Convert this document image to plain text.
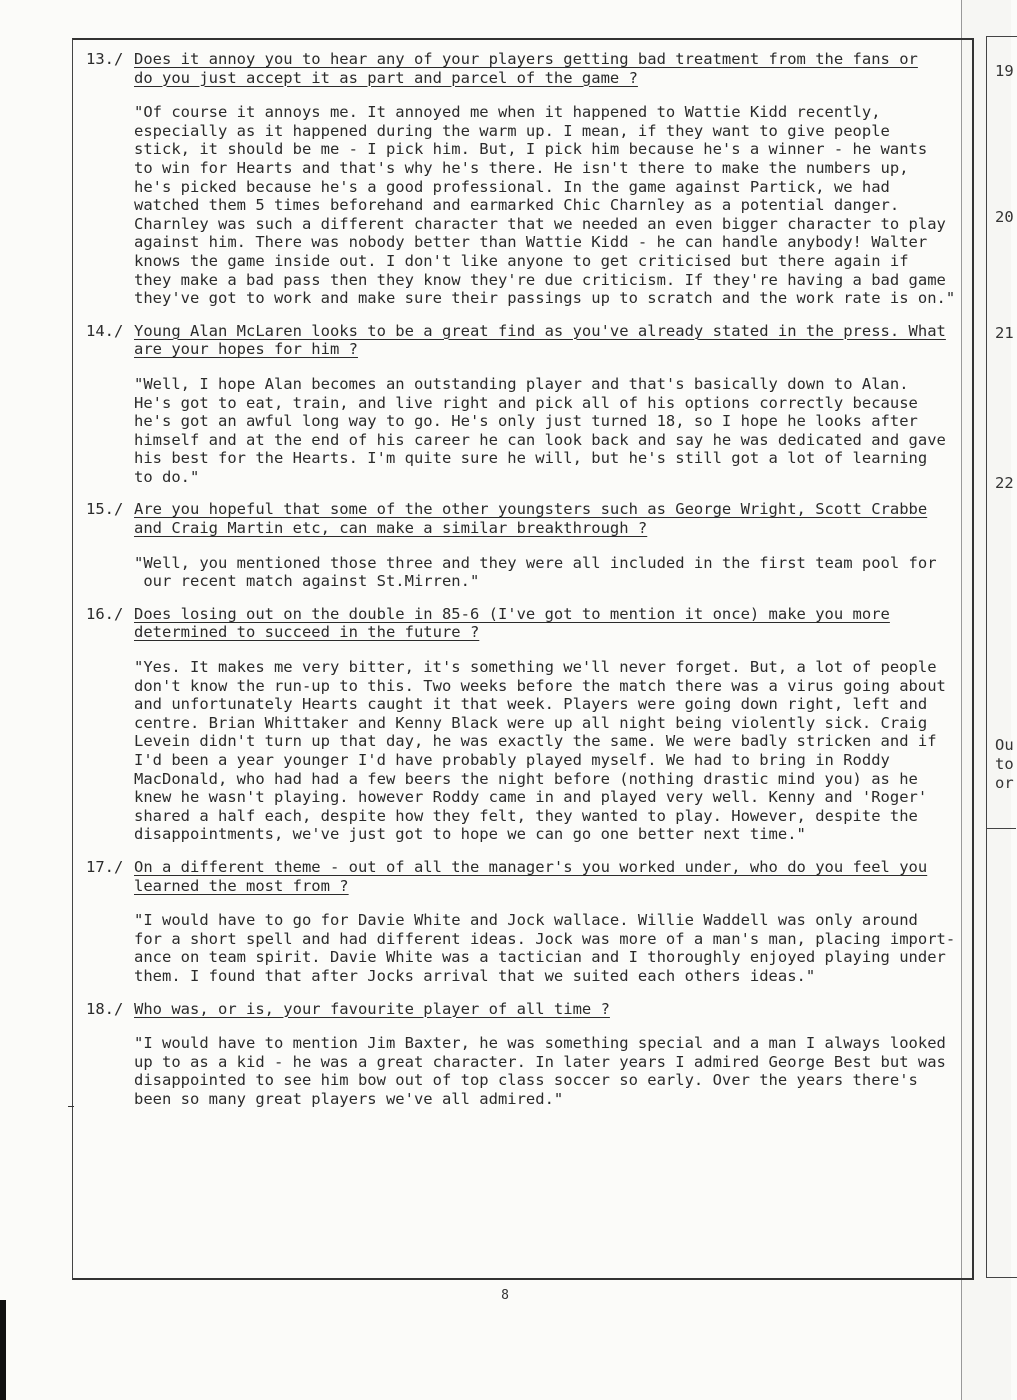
19
20
21
22
Ou
to
or
13./ Does it annoy you to hear any of your players getting bad treatment from the fans or
do you just accept it as part and parcel of the game ?
"Of course it annoys me. It annoyed me when it happened to Wattie Kidd recently,
especially as it happened during the warm up. I mean, if they want to give people
stick, it should be me - I pick him. But, I pick him because he's a winner - he wants
to win for Hearts and that's why he's there. He isn't there to make the numbers up,
he's picked because he's a good professional. In the game against Partick, we had
watched them 5 times beforehand and earmarked Chic Charnley as a potential danger.
Charnley was such a different character that we needed an even bigger character to play
against him. There was nobody better than Wattie Kidd - he can handle anybody! Walter
knows the game inside out. I don't like anyone to get criticised but there again if
they make a bad pass then they know they're due criticism. If they're having a bad game
they've got to work and make sure their passings up to scratch and the work rate is on."
14./ Young Alan McLaren looks to be a great find as you've already stated in the press. What
are your hopes for him ?
"Well, I hope Alan becomes an outstanding player and that's basically down to Alan.
He's got to eat, train, and live right and pick all of his options correctly because
he's got an awful long way to go. He's only just turned 18, so I hope he looks after
himself and at the end of his career he can look back and say he was dedicated and gave
his best for the Hearts. I'm quite sure he will, but he's still got a lot of learning
to do."
15./ Are you hopeful that some of the other youngsters such as George Wright, Scott Crabbe
and Craig Martin etc, can make a similar breakthrough ?
"Well, you mentioned those three and they were all included in the first team pool for
our recent match against St.Mirren."
16./ Does losing out on the double in 85-6 (I've got to mention it once) make you more
determined to succeed in the future ?
"Yes. It makes me very bitter, it's something we'll never forget. But, a lot of people
don't know the run-up to this. Two weeks before the match there was a virus going about
and unfortunately Hearts caught it that week. Players were going down right, left and
centre. Brian Whittaker and Kenny Black were up all night being violently sick. Craig
Levein didn't turn up that day, he was exactly the same. We were badly stricken and if
I'd been a year younger I'd have probably played myself. We had to bring in Roddy
MacDonald, who had had a few beers the night before (nothing drastic mind you) as he
knew he wasn't playing. however Roddy came in and played very well. Kenny and 'Roger'
shared a half each, despite how they felt, they wanted to play. However, despite the
disappointments, we've just got to hope we can go one better next time."
17./ On a different theme - out of all the manager's you worked under, who do you feel you
learned the most from ?
"I would have to go for Davie White and Jock wallace. Willie Waddell was only around
for a short spell and had different ideas. Jock was more of a man's man, placing import-
ance on team spirit. Davie White was a tactician and I thoroughly enjoyed playing under
them. I found that after Jocks arrival that we suited each others ideas."
18./ Who was, or is, your favourite player of all time ?
"I would have to mention Jim Baxter, he was something special and a man I always looked
up to as a kid - he was a great character. In later years I admired George Best but was
disappointed to see him bow out of top class soccer so early. Over the years there's
been so many great players we've all admired."
8
